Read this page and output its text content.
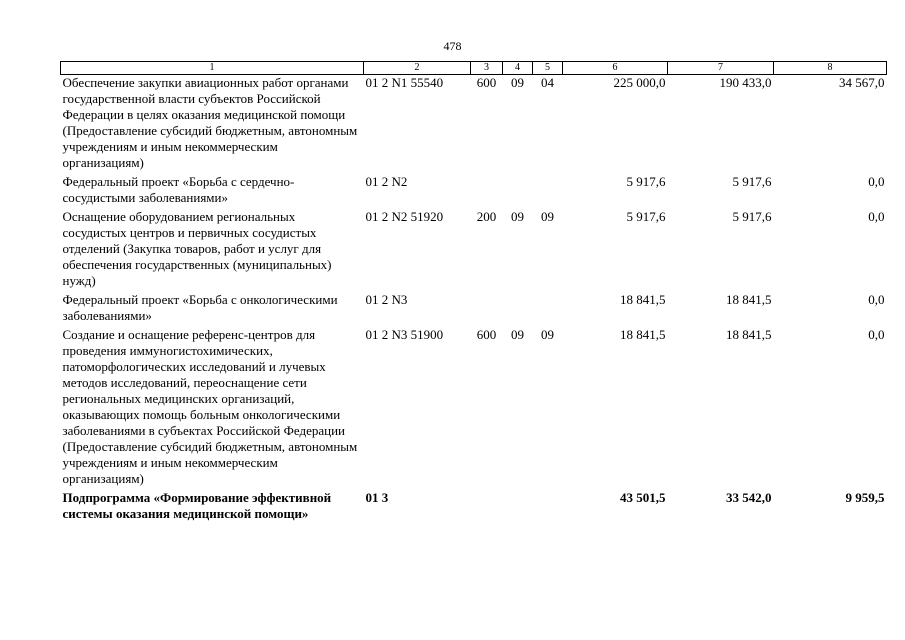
478
1	2	3	4	5	6	7	8
Обеспечение закупки авиационных работ органами государственной власти субъектов Российской Федерации в целях оказания медицинской помощи (Предоставление субсидий бюджетным, автономным учреждениям и иным некоммерческим организациям)	01 2 N1 55540	600	09	04	225 000,0	190 433,0	34 567,0
Федеральный проект «Борьба с сердечно-сосудистыми заболеваниями»	01 2 N2				5 917,6	5 917,6	0,0
Оснащение оборудованием региональных сосудистых центров и первичных сосудистых отделений (Закупка товаров, работ и услуг для обеспечения государственных (муниципальных) нужд)	01 2 N2 51920	200	09	09	5 917,6	5 917,6	0,0
Федеральный проект «Борьба с онкологическими заболеваниями»	01 2 N3				18 841,5	18 841,5	0,0
Создание и оснащение референс-центров для проведения иммуногистохимических, патоморфологических исследований и лучевых методов исследований, переоснащение сети региональных медицинских организаций, оказывающих помощь больным онкологическими заболеваниями в субъектах Российской Федерации (Предоставление субсидий бюджетным, автономным учреждениям и иным некоммерческим организациям)	01 2 N3 51900	600	09	09	18 841,5	18 841,5	0,0
Подпрограмма «Формирование эффективной системы оказания медицинской помощи»	01 3				43 501,5	33 542,0	9 959,5
